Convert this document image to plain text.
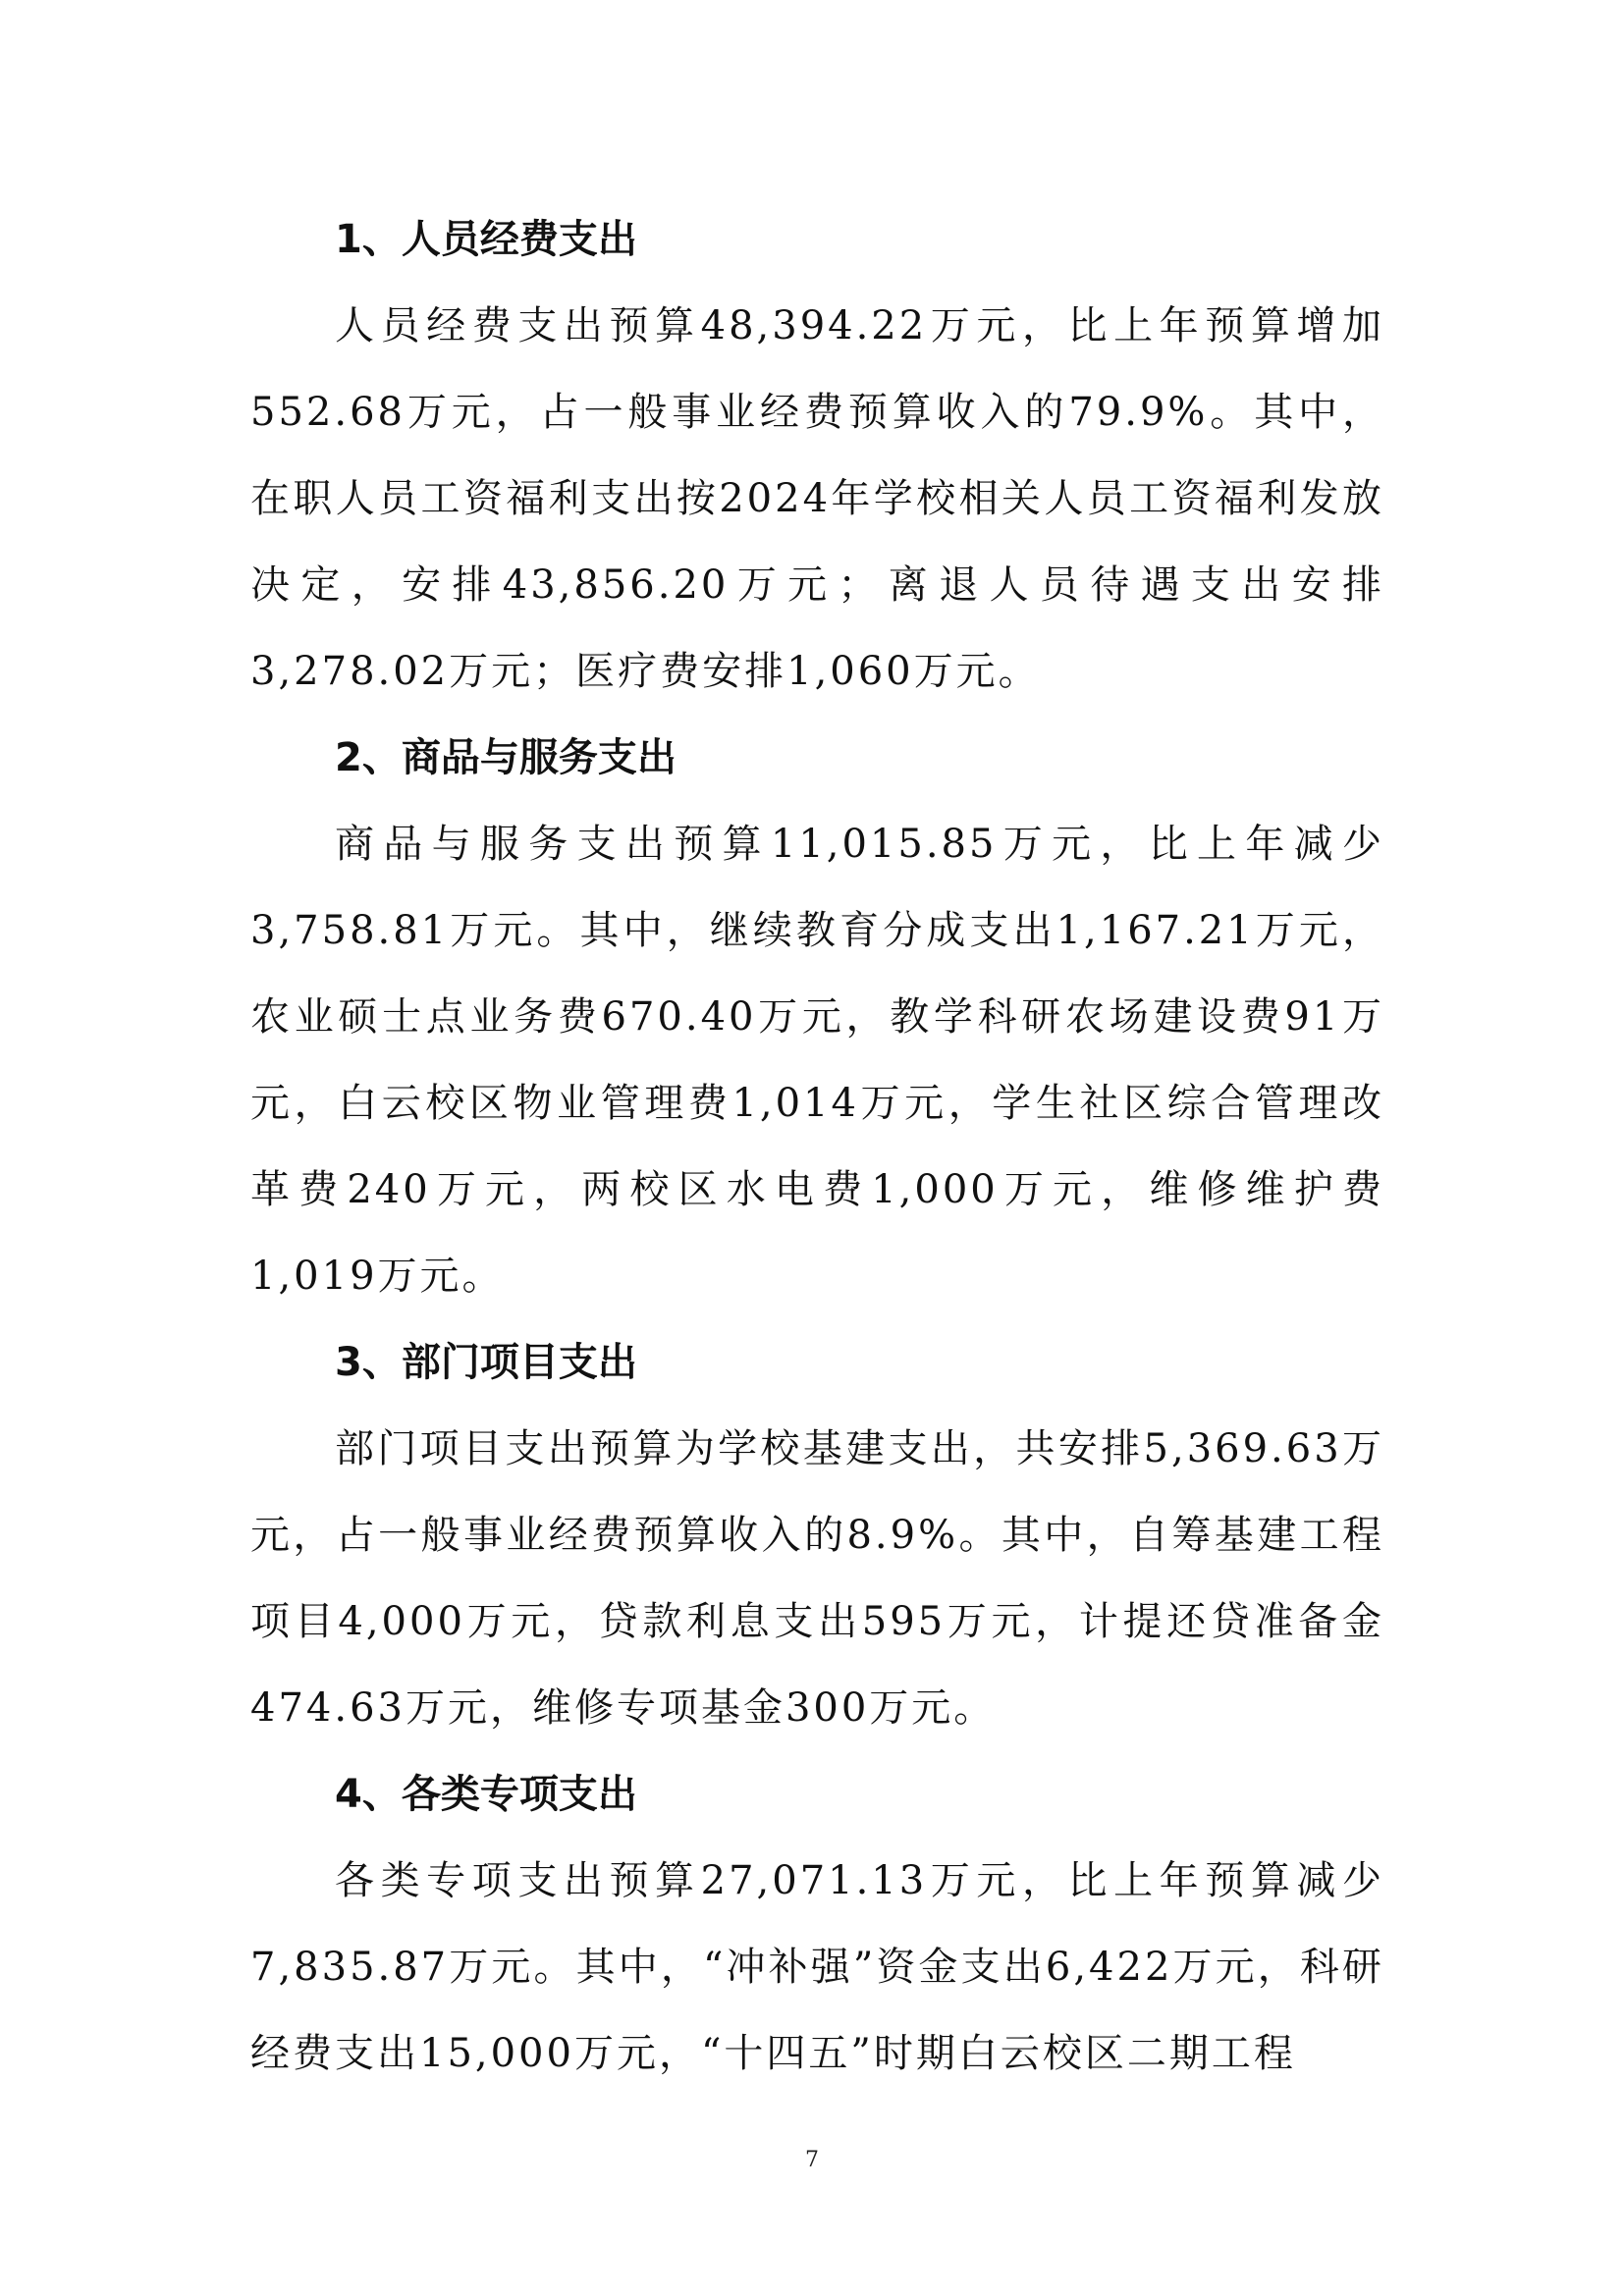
1、人员经费支出

人员经费支出预算48,394.22万元，比上年预算增加552.68万元，占一般事业经费预算收入的79.9%。其中，在职人员工资福利支出按2024年学校相关人员工资福利发放决定，安排43,856.20万元；离退人员待遇支出安排3,278.02万元；医疗费安排1,060万元。

2、商品与服务支出

商品与服务支出预算11,015.85万元，比上年减少3,758.81万元。其中，继续教育分成支出1,167.21万元，农业硕士点业务费670.40万元，教学科研农场建设费91万元，白云校区物业管理费1,014万元，学生社区综合管理改革费240万元，两校区水电费1,000万元，维修维护费1,019万元。

3、部门项目支出

部门项目支出预算为学校基建支出，共安排5,369.63万元，占一般事业经费预算收入的8.9%。其中，自筹基建工程项目4,000万元，贷款利息支出595万元，计提还贷准备金474.63万元，维修专项基金300万元。

4、各类专项支出

各类专项支出预算27,071.13万元，比上年预算减少7,835.87万元。其中，“冲补强”资金支出6,422万元，科研经费支出15,000万元，“十四五”时期白云校区二期工程

7
